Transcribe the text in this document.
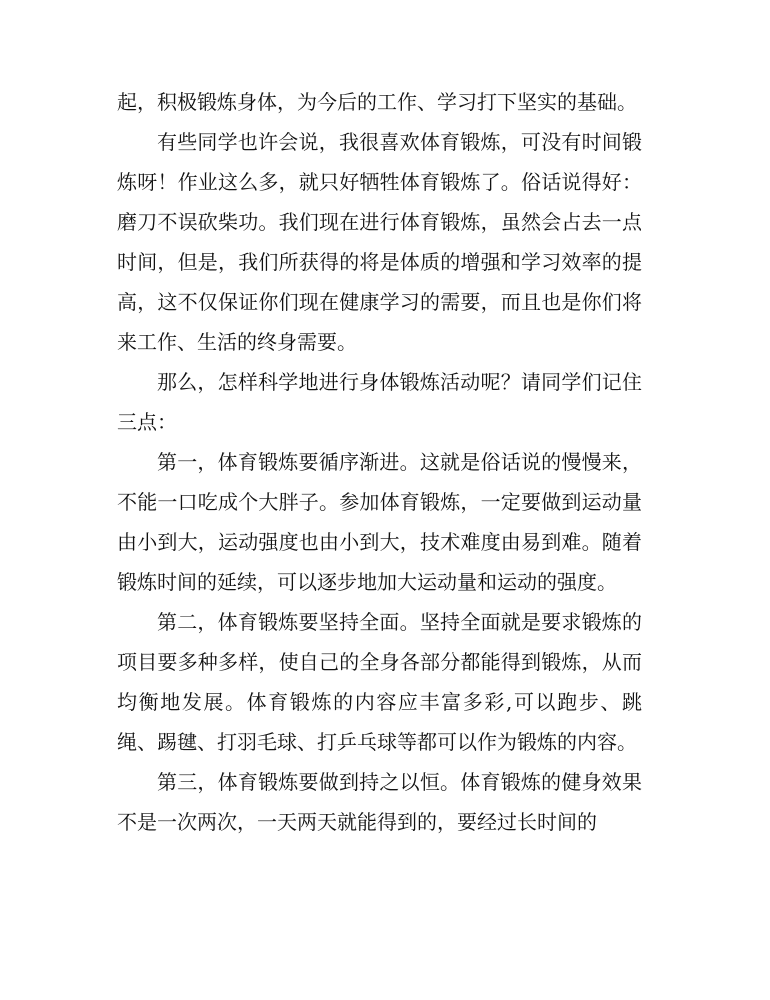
起，积极锻炼身体，为今后的工作、学习打下坚实的基础。

有些同学也许会说，我很喜欢体育锻炼，可没有时间锻炼呀！作业这么多，就只好牺牲体育锻炼了。俗话说得好：磨刀不误砍柴功。我们现在进行体育锻炼，虽然会占去一点时间，但是，我们所获得的将是体质的增强和学习效率的提高，这不仅保证你们现在健康学习的需要，而且也是你们将来工作、生活的终身需要。

那么，怎样科学地进行身体锻炼活动呢？请同学们记住三点：

第一，体育锻炼要循序渐进。这就是俗话说的慢慢来，不能一口吃成个大胖子。参加体育锻炼，一定要做到运动量由小到大，运动强度也由小到大，技术难度由易到难。随着锻炼时间的延续，可以逐步地加大运动量和运动的强度。

第二，体育锻炼要坚持全面。坚持全面就是要求锻炼的项目要多种多样，使自己的全身各部分都能得到锻炼，从而均衡地发展。体育锻炼的内容应丰富多彩,可以跑步、跳绳、踢毽、打羽毛球、打乒乓球等都可以作为锻炼的内容。

第三，体育锻炼要做到持之以恒。体育锻炼的健身效果不是一次两次，一天两天就能得到的，要经过长时间的
